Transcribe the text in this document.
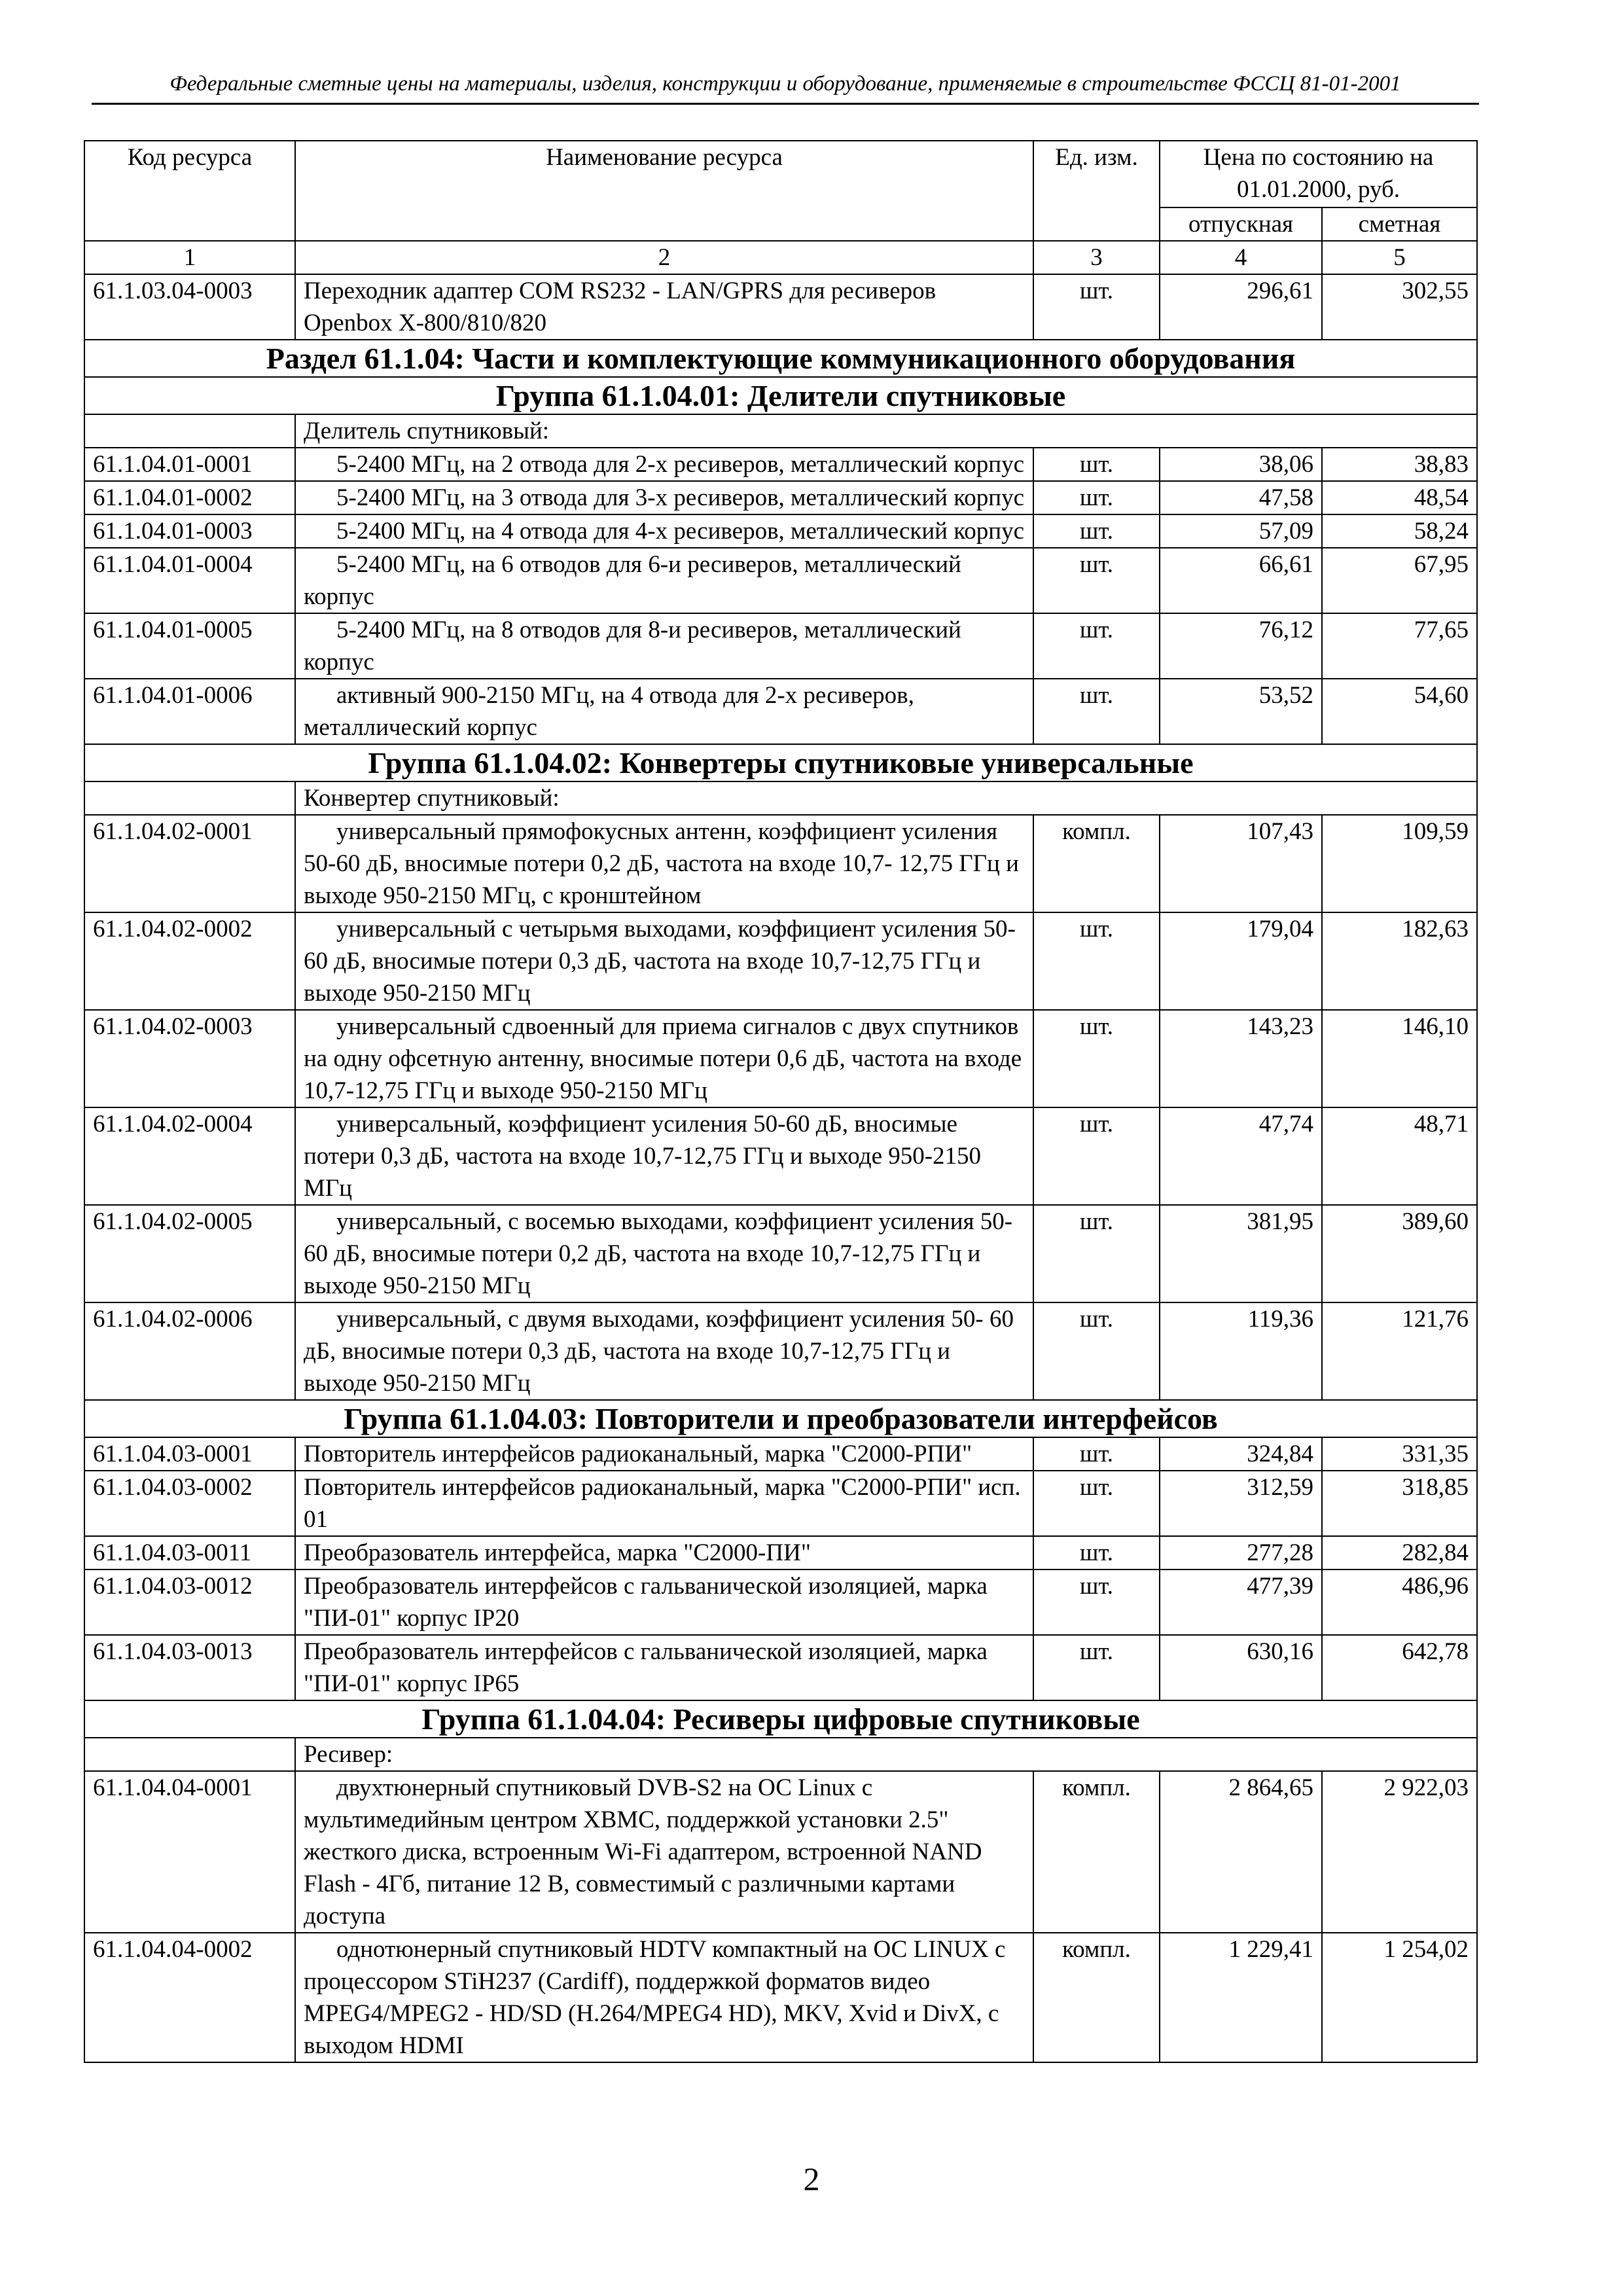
Федеральные сметные цены на материалы, изделия, конструкции и оборудование, применяемые в строительстве ФССЦ 81-01-2001
Код ресурса	Наименование ресурса	Ед. изм.	Цена по состоянию на 01.01.2000, руб.	
			отпускная	сметная
1	2	3	4	5
61.1.03.04-0003	Переходник адаптер COM RS232 - LAN/GPRS для ресиверов Openbox X-800/810/820	шт.	296,61	302,55
Раздел 61.1.04: Части и комплектующие коммуникационного оборудования				
Группа 61.1.04.01: Делители спутниковые				
	Делитель спутниковый:			
61.1.04.01-0001	5-2400 МГц, на 2 отвода для 2-х ресиверов, металлический корпус	шт.	38,06	38,83
61.1.04.01-0002	5-2400 МГц, на 3 отвода для 3-х ресиверов, металлический корпус	шт.	47,58	48,54
61.1.04.01-0003	5-2400 МГц, на 4 отвода для 4-х ресиверов, металлический корпус	шт.	57,09	58,24
61.1.04.01-0004	5-2400 МГц, на 6 отводов для 6-и ресиверов, металлический корпус	шт.	66,61	67,95
61.1.04.01-0005	5-2400 МГц, на 8 отводов для 8-и ресиверов, металлический корпус	шт.	76,12	77,65
61.1.04.01-0006	активный 900-2150 МГц, на 4 отвода для 2-х ресиверов, металлический корпус	шт.	53,52	54,60
Группа 61.1.04.02: Конвертеры спутниковые универсальные				
	Конвертер спутниковый:			
61.1.04.02-0001	универсальный прямофокусных антенн, коэффициент усиления 50-60 дБ, вносимые потери 0,2 дБ, частота на входе 10,7- 12,75 ГГц и выходе 950-2150 МГц, с кронштейном	компл.	107,43	109,59
61.1.04.02-0002	универсальный с четырьмя выходами, коэффициент усиления 50-60 дБ, вносимые потери 0,3 дБ, частота на входе 10,7-12,75 ГГц и выходе 950-2150 МГц	шт.	179,04	182,63
61.1.04.02-0003	универсальный сдвоенный для приема сигналов с двух спутников на одну офсетную антенну, вносимые потери 0,6 дБ, частота на входе 10,7-12,75 ГГц и выходе 950-2150 МГц	шт.	143,23	146,10
61.1.04.02-0004	универсальный, коэффициент усиления 50-60 дБ, вносимые потери 0,3 дБ, частота на входе 10,7-12,75 ГГц и выходе 950-2150 МГц	шт.	47,74	48,71
61.1.04.02-0005	универсальный, с восемью выходами, коэффициент усиления 50-60 дБ, вносимые потери 0,2 дБ, частота на входе 10,7-12,75 ГГц и выходе 950-2150 МГц	шт.	381,95	389,60
61.1.04.02-0006	универсальный, с двумя выходами, коэффициент усиления 50- 60 дБ, вносимые потери 0,3 дБ, частота на входе 10,7-12,75 ГГц и выходе 950-2150 МГц	шт.	119,36	121,76
Группа 61.1.04.03: Повторители и преобразователи интерфейсов				
61.1.04.03-0001	Повторитель интерфейсов радиоканальный, марка "С2000-РПИ"	шт.	324,84	331,35
61.1.04.03-0002	Повторитель интерфейсов радиоканальный, марка "С2000-РПИ" исп. 01	шт.	312,59	318,85
61.1.04.03-0011	Преобразователь интерфейса, марка "С2000-ПИ"	шт.	277,28	282,84
61.1.04.03-0012	Преобразователь интерфейсов с гальванической изоляцией, марка "ПИ-01" корпус IP20	шт.	477,39	486,96
61.1.04.03-0013	Преобразователь интерфейсов с гальванической изоляцией, марка "ПИ-01" корпус IP65	шт.	630,16	642,78
Группа 61.1.04.04: Ресиверы цифровые спутниковые				
	Ресивер:			
61.1.04.04-0001	двухтюнерный спутниковый DVB-S2 на ОС Linux с мультимедийным центром XBMC, поддержкой установки 2.5" жесткого диска, встроенным Wi-Fi адаптером, встроенной NAND Flash - 4Гб, питание 12 В, совместимый с различными картами доступа	компл.	2 864,65	2 922,03
61.1.04.04-0002	однотюнерный спутниковый HDTV компактный на ОС LINUX с процессором STiH237 (Cardiff), поддержкой форматов видео MPEG4/MPEG2 - HD/SD (H.264/MPEG4 HD), MKV, Xvid и DivX, с выходом HDMI	компл.	1 229,41	1 254,02
2
